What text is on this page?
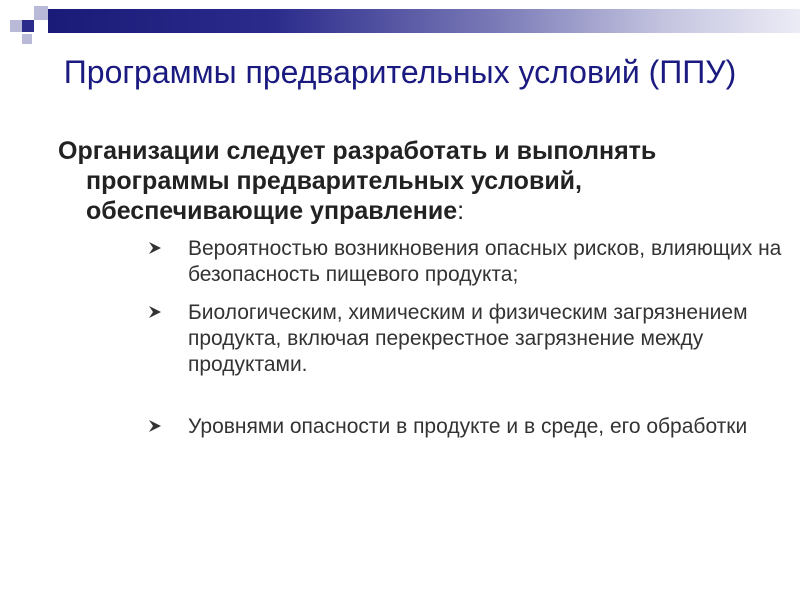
Программы предварительных условий (ППУ)
Организации следует разработать и выполнять программы предварительных условий, обеспечивающие управление:
Вероятностью возникновения опасных рисков, влияющих на безопасность пищевого продукта;
Биологическим, химическим и физическим загрязнением продукта, включая перекрестное загрязнение между продуктами.
Уровнями опасности в продукте и в среде, его обработки
